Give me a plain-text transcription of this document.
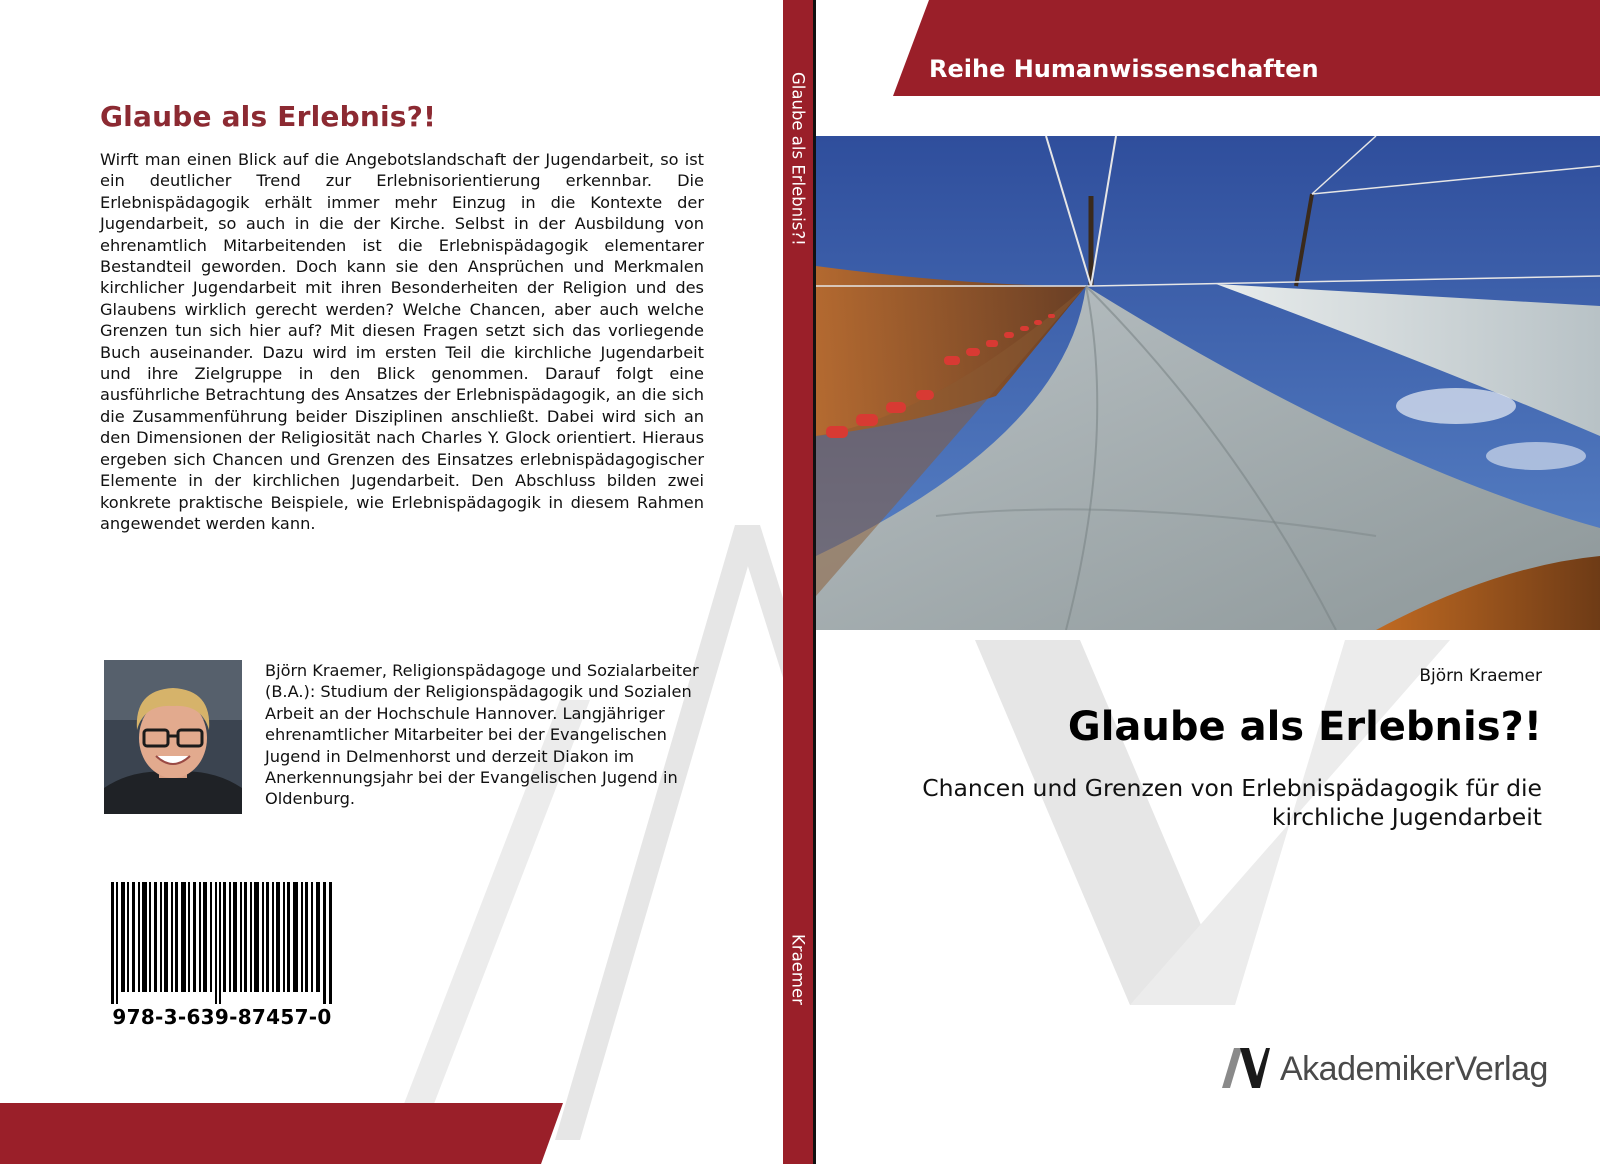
Glaube als Erlebnis?!

Wirft man einen Blick auf die Angebotslandschaft der Jugendarbeit, so ist ein deutlicher Trend zur Erlebnisorientierung erkennbar. Die Erlebnispädagogik erhält immer mehr Einzug in die Kontexte der Jugendarbeit, so auch in die der Kirche. Selbst in der Ausbildung von ehrenamtlich Mitarbeitenden ist die Erlebnispädagogik elementarer Bestandteil geworden. Doch kann sie den Ansprüchen und Merkmalen kirchlicher Jugendarbeit mit ihren Besonderheiten der Religion und des Glaubens wirklich gerecht werden? Welche Chancen, aber auch welche Grenzen tun sich hier auf? Mit diesen Fragen setzt sich das vorliegende Buch auseinander. Dazu wird im ersten Teil die kirchliche Jugendarbeit und ihre Zielgruppe in den Blick genommen. Darauf folgt eine ausführliche Betrachtung des Ansatzes der Erlebnispädagogik, an die sich die Zusammenführung beider Disziplinen anschließt. Dabei wird sich an den Dimensionen der Religiosität nach Charles Y. Glock orientiert. Hieraus ergeben sich Chancen und Grenzen des Einsatzes erlebnispädagogischer Elemente in der kirchlichen Jugendarbeit. Den Abschluss bilden zwei konkrete praktische Beispiele, wie Erlebnispädagogik in diesem Rahmen angewendet werden kann.

Björn Kraemer, Religionspädagoge und Sozialarbeiter (B.A.): Studium der Religionspädagogik und Sozialen Arbeit an der Hochschule Hannover. Langjähriger ehrenamtlicher Mitarbeiter bei der Evangelischen Jugend in Delmenhorst und derzeit Diakon im Anerkennungsjahr bei der Evangelischen Jugend in Oldenburg.

978-3-639-87457-0
Glaube als Erlebnis?!
Kraemer
Reihe Humanwissenschaften
Björn Kraemer
Glaube als Erlebnis?!

Chancen und Grenzen von Erlebnispädagogik für die kirchliche Jugendarbeit

AkademikerVerlag
